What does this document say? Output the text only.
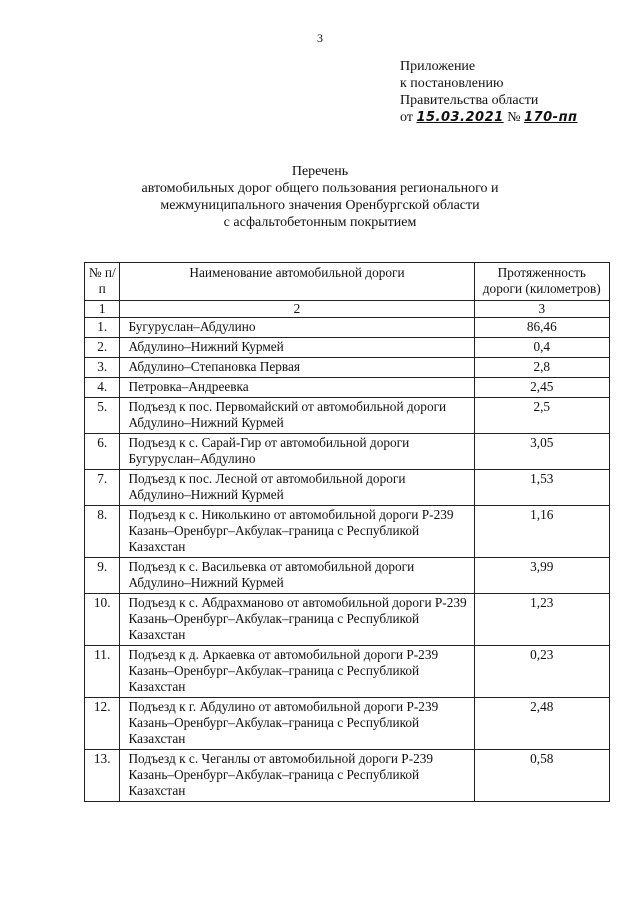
3
Приложение
к постановлению
Правительства области
от 15.03.2021 № 170-пп
Перечень
автомобильных дорог общего пользования регионального и
межмуниципального значения Оренбургской области
с асфальтобетонным покрытием
№ п/п	Наименование автомобильной дороги	Протяженность дороги (километров)
1	2	3
1.	Бугуруслан–Абдулино	86,46
2.	Абдулино–Нижний Курмей	0,4
3.	Абдулино–Степановка Первая	2,8
4.	Петровка–Андреевка	2,45
5.	Подъезд к пос. Первомайский от автомобильной дороги Абдулино–Нижний Курмей	2,5
6.	Подъезд к с. Сарай-Гир от автомобильной дороги Бугуруслан–Абдулино	3,05
7.	Подъезд к пос. Лесной от автомобильной дороги Абдулино–Нижний Курмей	1,53
8.	Подъезд к с. Николькино от автомобильной дороги Р-239 Казань–Оренбург–Акбулак–граница с Республикой Казахстан	1,16
9.	Подъезд к с. Васильевка от автомобильной дороги Абдулино–Нижний Курмей	3,99
10.	Подъезд к с. Абдрахманово от автомобильной дороги Р-239 Казань–Оренбург–Акбулак–граница с Республикой Казахстан	1,23
11.	Подъезд к д. Аркаевка от автомобильной дороги Р-239 Казань–Оренбург–Акбулак–граница с Республикой Казахстан	0,23
12.	Подъезд к г. Абдулино от автомобильной дороги Р-239 Казань–Оренбург–Акбулак–граница с Республикой Казахстан	2,48
13.	Подъезд к с. Чеганлы от автомобильной дороги Р-239 Казань–Оренбург–Акбулак–граница с Республикой Казахстан	0,58
